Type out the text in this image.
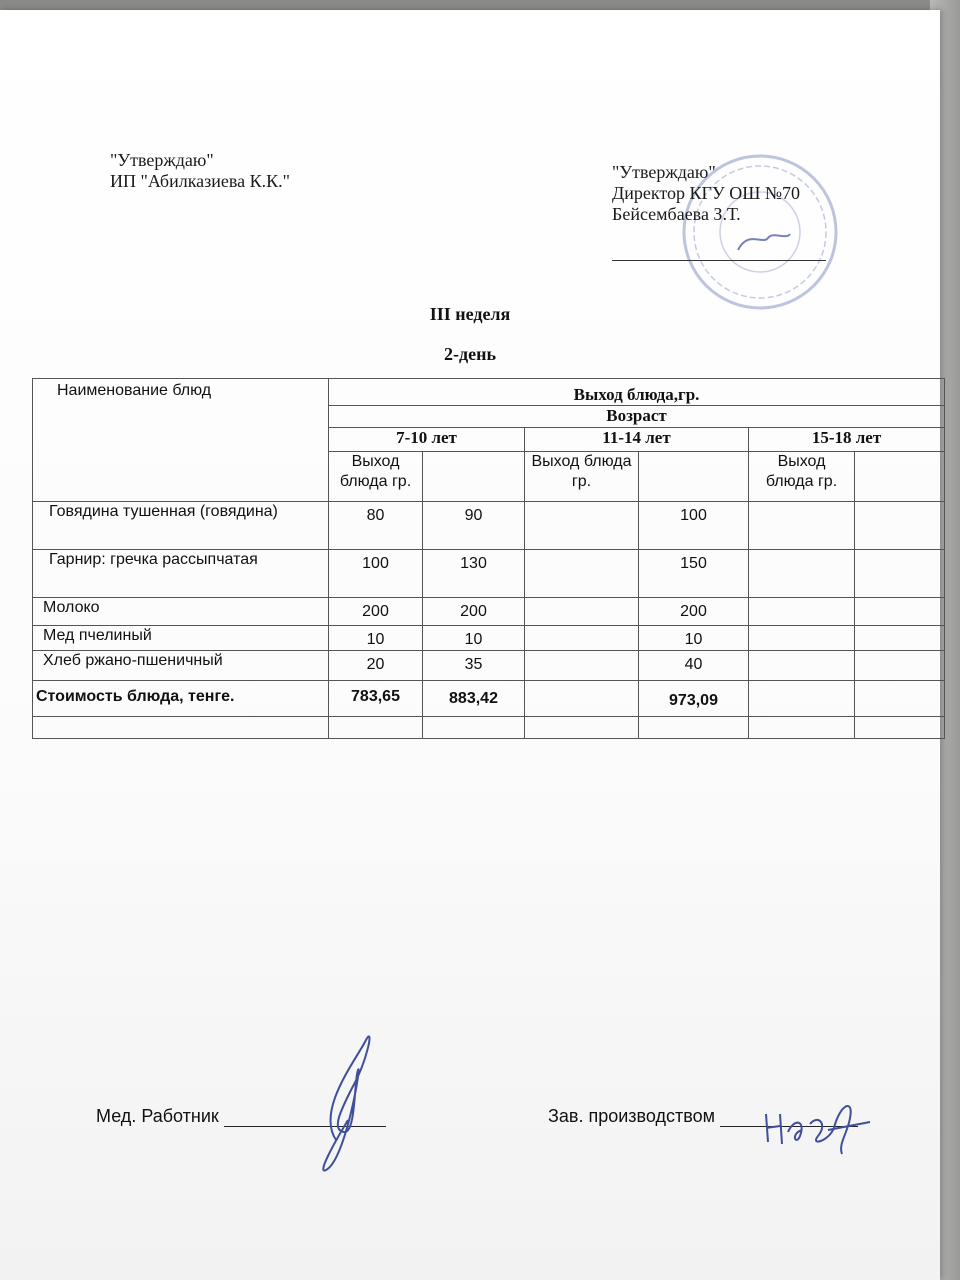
"Утверждаю"
ИП "Абилказиева К.К."	"Утверждаю"
Директор КГУ ОШ №70
Бейсембаева З.Т.
III неделя
2-день
Наименование блюд	Выход блюда,гр.					
	Возраст					
	7-10 лет		11-14 лет		15-18 лет	
	Выход блюда гр.		Выход блюда гр.		Выход блюда гр.	
Говядина тушенная (говядина)	80	90		100		
Гарнир: гречка рассыпчатая	100	130		150		
Молоко	200	200		200		
Мед пчелиный	10	10		10		
Хлеб ржано-пшеничный	20	35		40		
Стоимость блюда, тенге.	783,65	883,42		973,09		

Мед. Работник	Зав. производством
